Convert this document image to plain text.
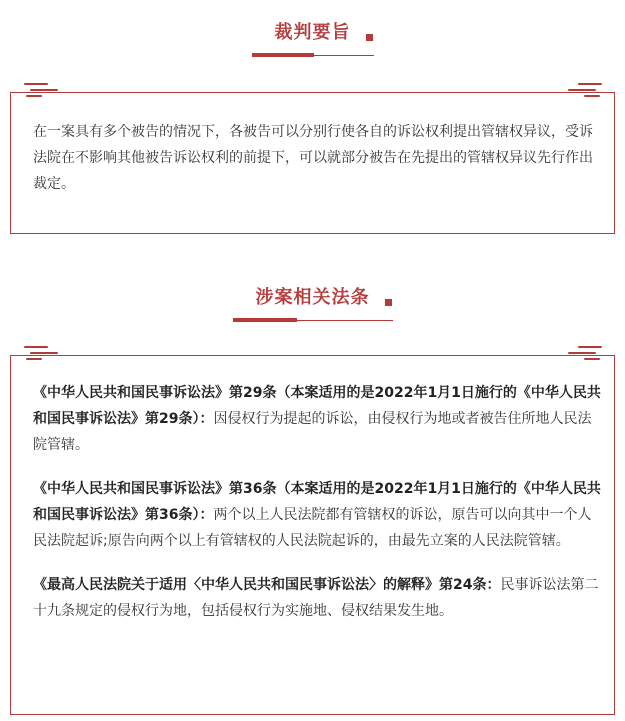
裁判要旨
在一案具有多个被告的情况下，各被告可以分别行使各自的诉讼权利提出管辖权异议，受诉法院在不影响其他被告诉讼权利的前提下，可以就部分被告在先提出的管辖权异议先行作出裁定。
涉案相关法条

《中华人民共和国民事诉讼法》第29条（本案适用的是2022年1月1日施行的《中华人民共和国民事诉讼法》第29条）：因侵权行为提起的诉讼，由侵权行为地或者被告住所地人民法院管辖。

《中华人民共和国民事诉讼法》第36条（本案适用的是2022年1月1日施行的《中华人民共和国民事诉讼法》第36条）：两个以上人民法院都有管辖权的诉讼，原告可以向其中一个人民法院起诉;原告向两个以上有管辖权的人民法院起诉的，由最先立案的人民法院管辖。

《最高人民法院关于适用〈中华人民共和国民事诉讼法〉的解释》第24条：民事诉讼法第二十九条规定的侵权行为地，包括侵权行为实施地、侵权结果发生地。
